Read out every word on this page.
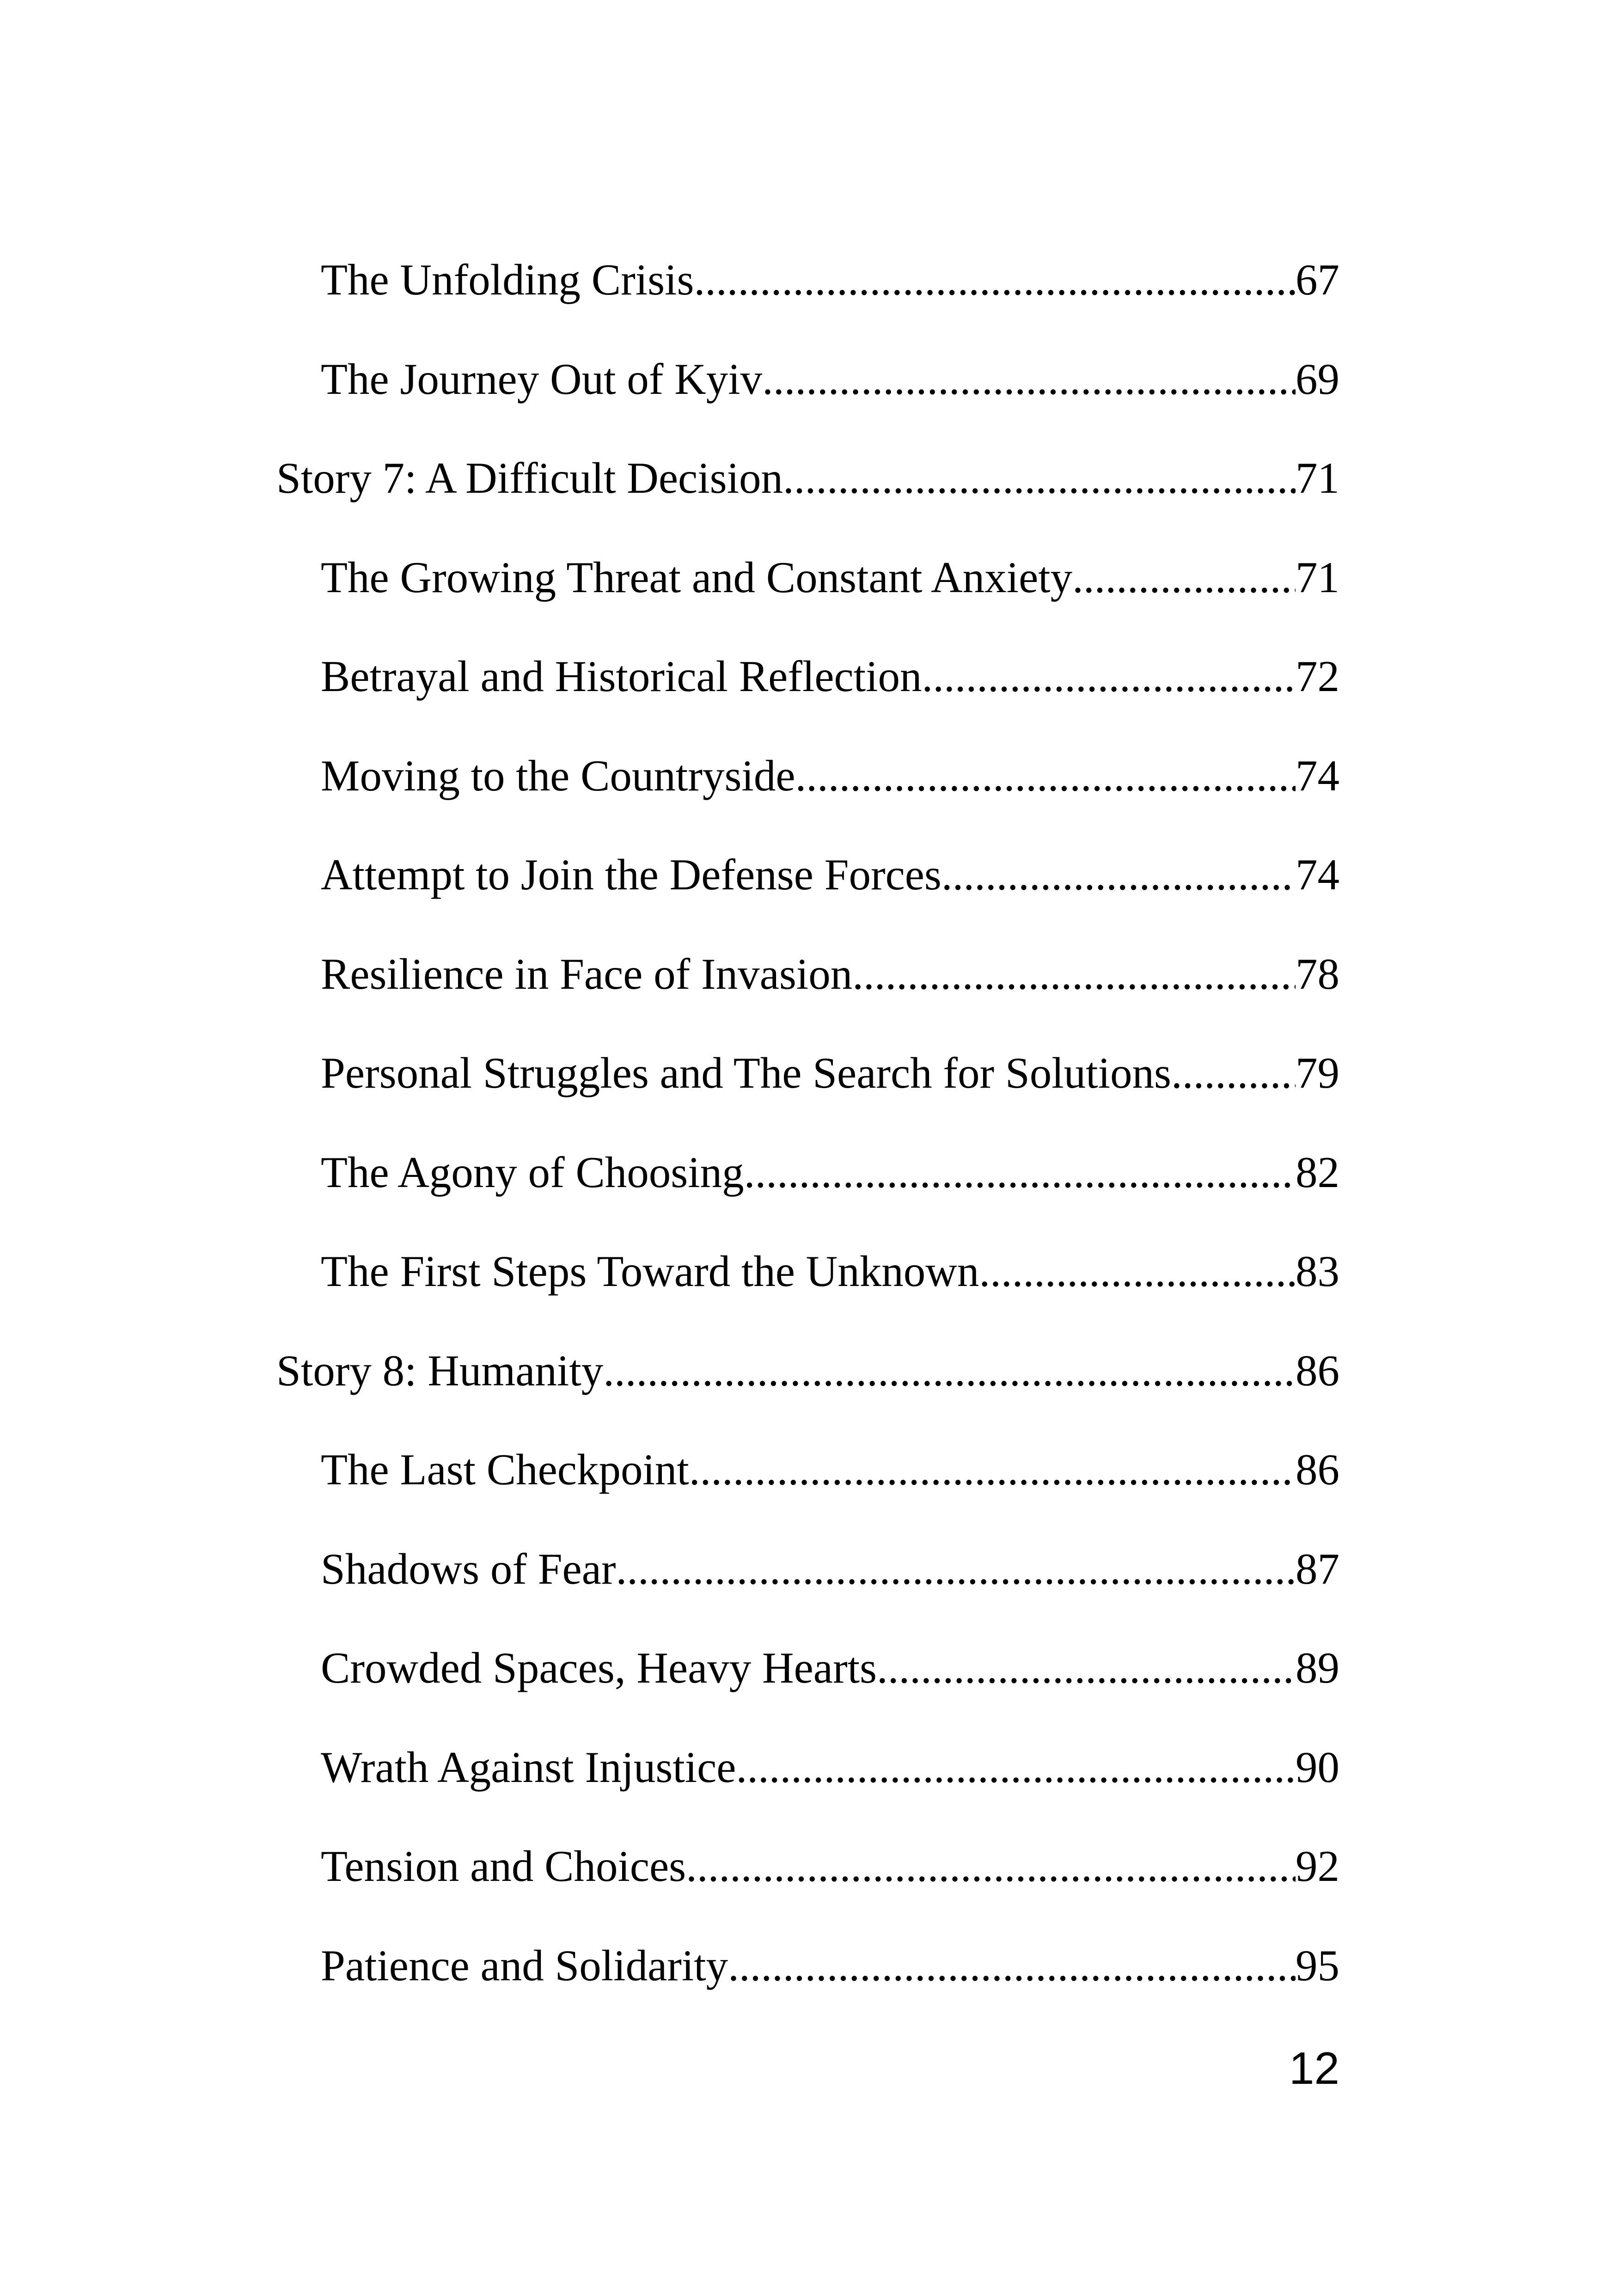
The Unfolding Crisis .....	67
The Journey Out of Kyiv .....	69
Story 7: A Difficult Decision .....	71
The Growing Threat and Constant Anxiety .....	71
Betrayal and Historical Reflection .....	72
Moving to the Countryside .....	74
Attempt to Join the Defense Forces .....	74
Resilience in Face of Invasion .....	78
Personal Struggles and The Search for Solutions .....	79
The Agony of Choosing .....	82
The First Steps Toward the Unknown .....	83
Story 8: Humanity .....	86
The Last Checkpoint .....	86
Shadows of Fear .....	87
Crowded Spaces, Heavy Hearts .....	89
Wrath Against Injustice .....	90
Tension and Choices .....	92
Patience and Solidarity .....	95
12
